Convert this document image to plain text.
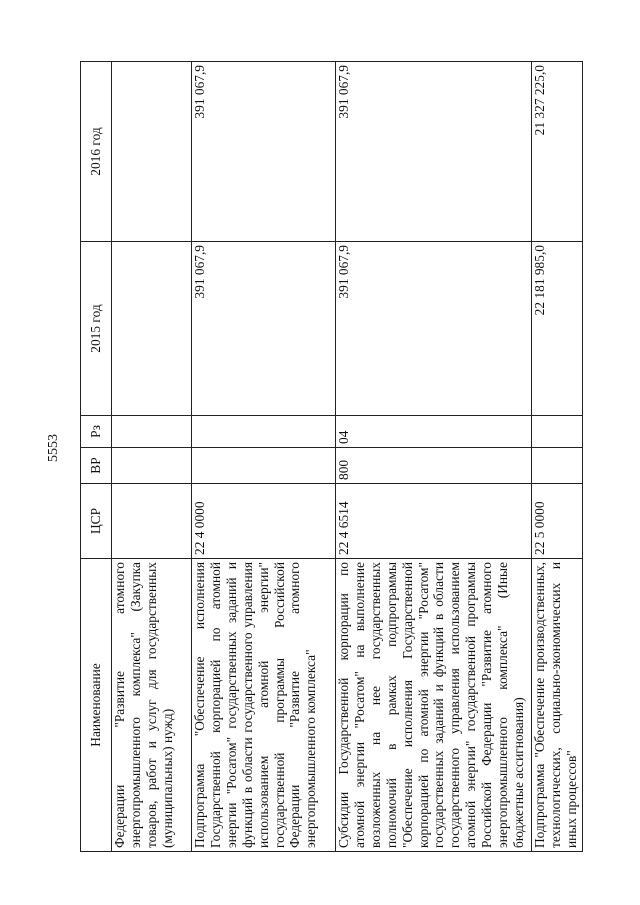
5553
Наименование	ЦСР	ВР	Рз	2015 год	2016 год
Федерации "Развитие атомного энергопромышленного комплекса" (Закупка товаров, работ и услуг для государственных (муниципальных) нужд)					
Подпрограмма "Обеспечение исполнения Государственной корпорацией по атомной энергии "Росатом" государственных заданий и функций в области государственного управления использованием атомной энергии" государственной программы Российской Федерации "Развитие атомного энергопромышленного комплекса"	22 4 0000			391 067,9	391 067,9
Субсидии Государственной корпорации по атомной энергии "Росатом" на выполнение возложенных на нее государственных полномочий в рамках подпрограммы "Обеспечение исполнения Государственной корпорацией по атомной энергии "Росатом" государственных заданий и функций в области государственного управления использованием атомной энергии" государственной программы Российской Федерации "Развитие атомного энергопромышленного комплекса" (Иные бюджетные ассигнования)	22 4 6514	800	04	391 067,9	391 067,9
Подпрограмма "Обеспечение производственных, технологических, социально-экономических и иных процессов"	22 5 0000			22 181 985,0	21 327 225,0
